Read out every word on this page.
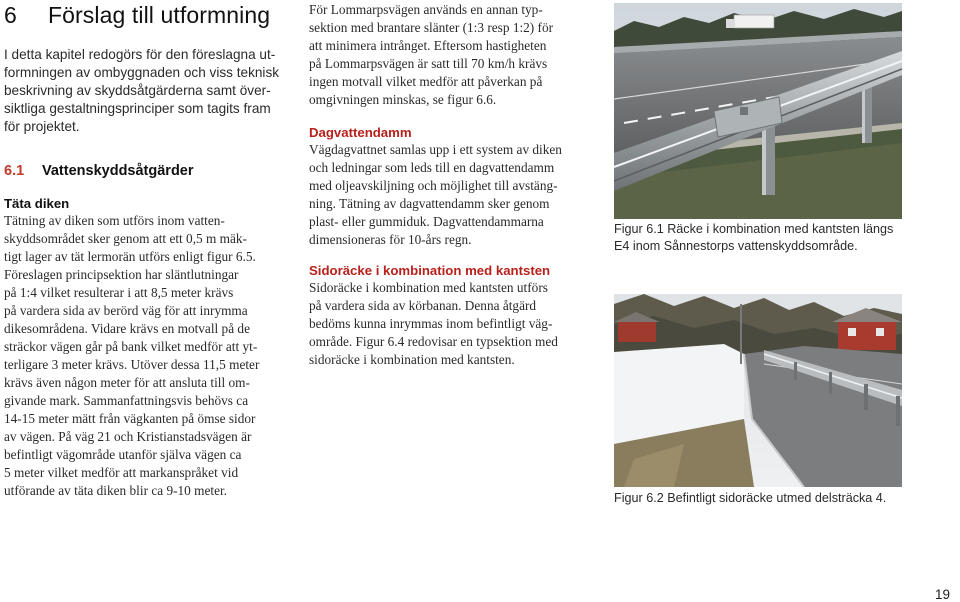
6 Förslag till utformning
I detta kapitel redogörs för den föreslagna ut-
formningen av ombyggnaden och viss teknisk
beskrivning av skyddsåtgärderna samt över-
siktliga gestaltningsprinciper som tagits fram
för projektet.
6.1 Vattenskyddsåtgärder
Täta diken
Tätning av diken som utförs inom vatten-
skyddsområdet sker genom att ett 0,5 m mäk-
tigt lager av tät lermorän utförs enligt figur 6.5.
Föreslagen principsektion har släntlutningar
på 1:4 vilket resulterar i att 8,5 meter krävs
på vardera sida av berörd väg för att inrymma
dikesområdena. Vidare krävs en motvall på de
sträckor vägen går på bank vilket medför att yt-
terligare 3 meter krävs. Utöver dessa 11,5 meter
krävs även någon meter för att ansluta till om-
givande mark. Sammanfattningsvis behövs ca
14-15 meter mätt från vägkanten på ömse sidor
av vägen. På väg 21 och Kristianstadsvägen är
befintligt vägområde utanför själva vägen ca
5 meter vilket medför att markanspråket vid
utförande av täta diken blir ca 9-10 meter.
För Lommarpsvägen används en annan typ-
sektion med brantare slänter (1:3 resp 1:2) för
att minimera intrånget. Eftersom hastigheten
på Lommarpsvägen är satt till 70 km/h krävs
ingen motvall vilket medför att påverkan på
omgivningen minskas, se figur 6.6.
Dagvattendamm
Vägdagvattnet samlas upp i ett system av diken
och ledningar som leds till en dagvattendamm
med oljeavskiljning och möjlighet till avstäng-
ning. Tätning av dagvattendamm sker genom
plast- eller gummiduk. Dagvattendammarna
dimensioneras för 10-års regn.
Sidoräcke i kombination med kantsten
Sidoräcke i kombination med kantsten utförs
på vardera sida av körbanan. Denna åtgärd
bedöms kunna inrymmas inom befintligt väg-
område. Figur 6.4 redovisar en typsektion med
sidoräcke i kombination med kantsten.
Figur 6.1 Räcke i kombination med kantsten längs
E4 inom Sånnestorps vattenskyddsområde.
Figur 6.2 Befintligt sidoräcke utmed delsträcka 4.
19
